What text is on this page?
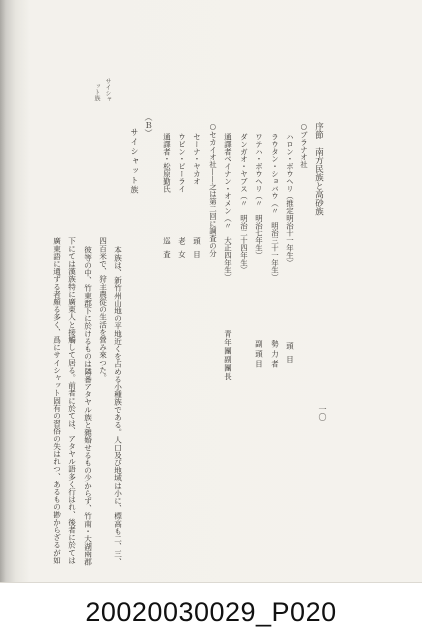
サイシャ
ット族
一〇
序節　南方民族と高砂族
○ブラナオ社
ハロン・ボウヘリ（推定明治十一年生）
頭目
ラウタン・ショバウ（〃　明治三十一年生）
勢力者
ワテハ・ボウヘリ（〃　明治七年生）
副頭目
ダンガオ・ヤブス（〃　明治二十四年生）
通譯者ベイナン・オメン（〃　大正四年生）
青年團副團長
○セカイオ社——之は第二回に調査の分
セーナ・ヤカオ
頭目
ウビン・ピーライ
老女
通譯者・松原勤氏
巡査
（Ｂ）
サイシャット族
本族は、新竹州山地の平地近くを占める小種族である。人口及び地域は小に、標高も二、三、
四百米で、狩主農從の生活を營み來つた。
彼等の中、竹東郡下に於けるものは隣番アタヤル族と雜婚せるもの少からず、竹南・大湖兩郡
下にては漢族特に廣東人と接觸して居る。前者に於ては、アタヤル語多く行はれ、後者に於ては
廣東語に通ずる者頗る多く、爲にサイシャット固有の習俗の失はれつ、あるもの尠からざるが如
20020030029_P020
